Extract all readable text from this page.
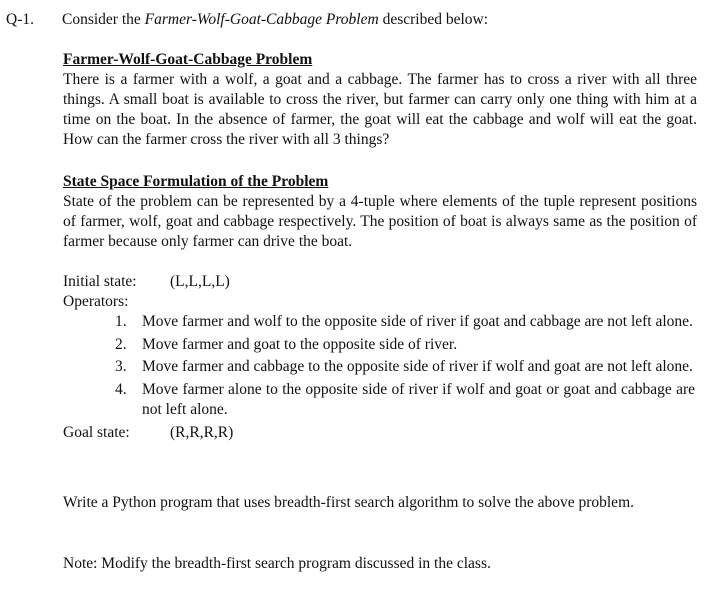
Q-1. Consider the Farmer-Wolf-Goat-Cabbage Problem described below:
Farmer-Wolf-Goat-Cabbage Problem

There is a farmer with a wolf, a goat and a cabbage. The farmer has to cross a river with all three things. A small boat is available to cross the river, but farmer can carry only one thing with him at a time on the boat. In the absence of farmer, the goat will eat the cabbage and wolf will eat the goat. How can the farmer cross the river with all 3 things?

State Space Formulation of the Problem

State of the problem can be represented by a 4-tuple where elements of the tuple represent positions of farmer, wolf, goat and cabbage respectively. The position of boat is always same as the position of farmer because only farmer can drive the boat.

Initial state:	(L,L,L,L)
Operators:
1. Move farmer and wolf to the opposite side of river if goat and cabbage are not left alone.
2. Move farmer and goat to the opposite side of river.
3. Move farmer and cabbage to the opposite side of river if wolf and goat are not left alone.
4. Move farmer alone to the opposite side of river if wolf and goat or goat and cabbage are not left alone.
Goal state:	(R,R,R,R)

Write a Python program that uses breadth-first search algorithm to solve the above problem.

Note: Modify the breadth-first search program discussed in the class.
